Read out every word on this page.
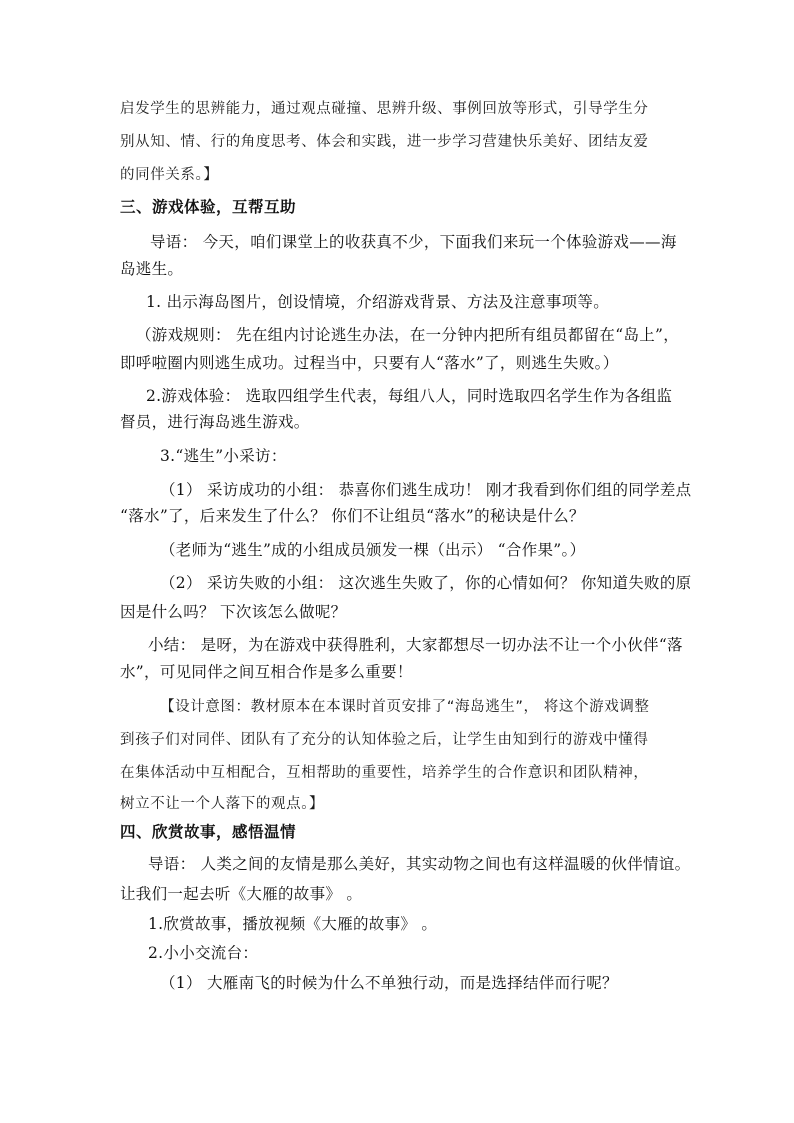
启发学生的思辨能力，通过观点碰撞、思辨升级、事例回放等形式，引导学生分
别从知、情、行的角度思考、体会和实践，进一步学习营建快乐美好、团结友爱
的同伴关系。】
三、游戏体验，互帮互助
导语： 今天，咱们课堂上的收获真不少，下面我们来玩一个体验游戏——海
岛逃生。
1. 出示海岛图片，创设情境，介绍游戏背景、方法及注意事项等。
（游戏规则： 先在组内讨论逃生办法，在一分钟内把所有组员都留在“岛上”，
即呼啦圈内则逃生成功。过程当中，只要有人“落水”了，则逃生失败。）
2.游戏体验： 选取四组学生代表，每组八人，同时选取四名学生作为各组监
督员，进行海岛逃生游戏。
3.“逃生”小采访：
（1） 采访成功的小组： 恭喜你们逃生成功！ 刚才我看到你们组的同学差点
“落水”了，后来发生了什么？ 你们不让组员“落水”的秘诀是什么？
（老师为“逃生”成的小组成员颁发一棵（出示） “合作果”。）
（2） 采访失败的小组： 这次逃生失败了，你的心情如何？ 你知道失败的原
因是什么吗？ 下次该怎么做呢？
小结： 是呀，为在游戏中获得胜利，大家都想尽一切办法不让一个小伙伴“落
水”，可见同伴之间互相合作是多么重要！
【设计意图：教材原本在本课时首页安排了“海岛逃生”， 将这个游戏调整
到孩子们对同伴、团队有了充分的认知体验之后，让学生由知到行的游戏中懂得
在集体活动中互相配合，互相帮助的重要性，培养学生的合作意识和团队精神，
树立不让一个人落下的观点。】
四、欣赏故事，感悟温情
导语： 人类之间的友情是那么美好，其实动物之间也有这样温暖的伙伴情谊。
让我们一起去听《大雁的故事》 。
1.欣赏故事，播放视频《大雁的故事》 。
2.小小交流台：
（1） 大雁南飞的时候为什么不单独行动，而是选择结伴而行呢？
